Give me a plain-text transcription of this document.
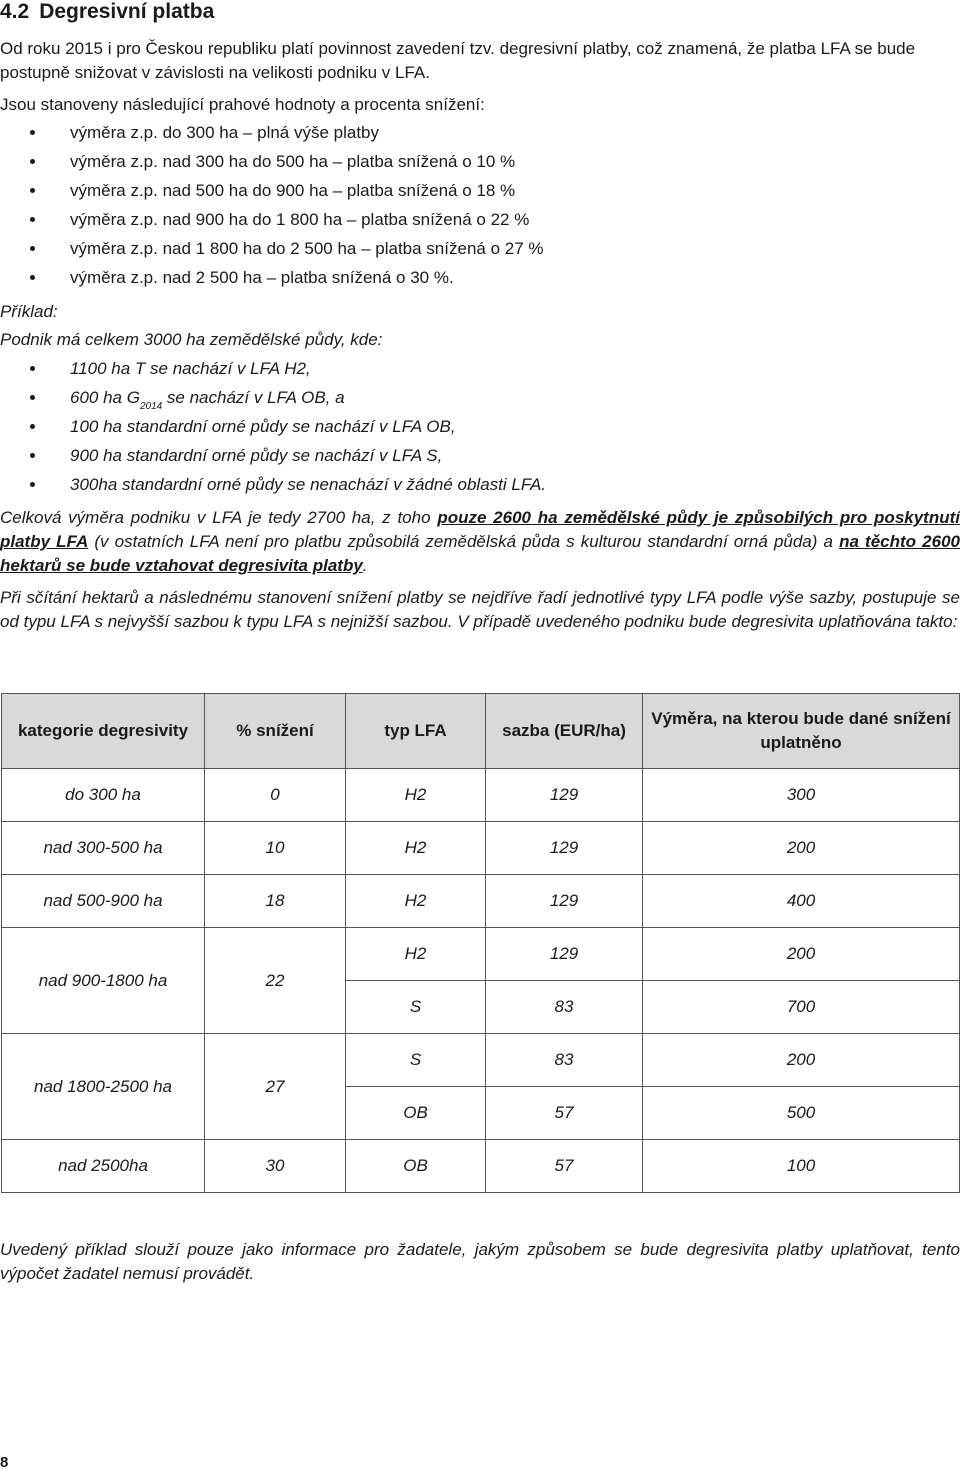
4.2 Degresivní platba

Od roku 2015 i pro Českou republiku platí povinnost zavedení tzv. degresivní platby, což znamená, že platba LFA se bude postupně snižovat v závislosti na velikosti podniku v LFA.

Jsou stanoveny následující prahové hodnoty a procenta snížení:

výměra z.p. do 300 ha – plná výše platby
výměra z.p. nad 300 ha do 500 ha – platba snížená o 10 %
výměra z.p. nad 500 ha do 900 ha – platba snížená o 18 %
výměra z.p. nad 900 ha do 1 800 ha – platba snížená o 22 %
výměra z.p. nad 1 800 ha do 2 500 ha – platba snížená o 27 %
výměra z.p. nad 2 500 ha – platba snížená o 30 %.

Příklad:

Podnik má celkem 3000 ha zemědělské půdy, kde:

1100 ha T se nachází v LFA H2,
600 ha $G_{2014}$ se nachází v LFA OB, a
100 ha standardní orné půdy se nachází v LFA OB,
900 ha standardní orné půdy se nachází v LFA S,
300ha standardní orné půdy se nenachází v žádné oblasti LFA.

Celková výměra podniku v LFA je tedy 2700 ha, z toho pouze 2600 ha zemědělské půdy je způsobilých pro poskytnutí platby LFA (v ostatních LFA není pro platbu způsobilá zemědělská půda s kulturou standardní orná půda) a na těchto 2600 hektarů se bude vztahovat degresivita platby.

Při sčítání hektarů a následnému stanovení snížení platby se nejdříve řadí jednotlivé typy LFA podle výše sazby, postupuje se od typu LFA s nejvyšší sazbou k typu LFA s nejnižší sazbou. V případě uvedeného podniku bude degresivita uplatňována takto:

kategorie degresivity	% snížení	typ LFA	sazba (EUR/ha)	Výměra, na kterou bude dané snížení uplatněno
do 300 ha	0	H2	129	300
nad 300-500 ha	10	H2	129	200
nad 500-900 ha	18	H2	129	400
nad 900-1800 ha	22	H2	129	200
		S	83	700
nad 1800-2500 ha	27	S	83	200
		OB	57	500
nad 2500ha	30	OB	57	100

Uvedený příklad slouží pouze jako informace pro žadatele, jakým způsobem se bude degresivita platby uplatňovat, tento výpočet žadatel nemusí provádět.

8
